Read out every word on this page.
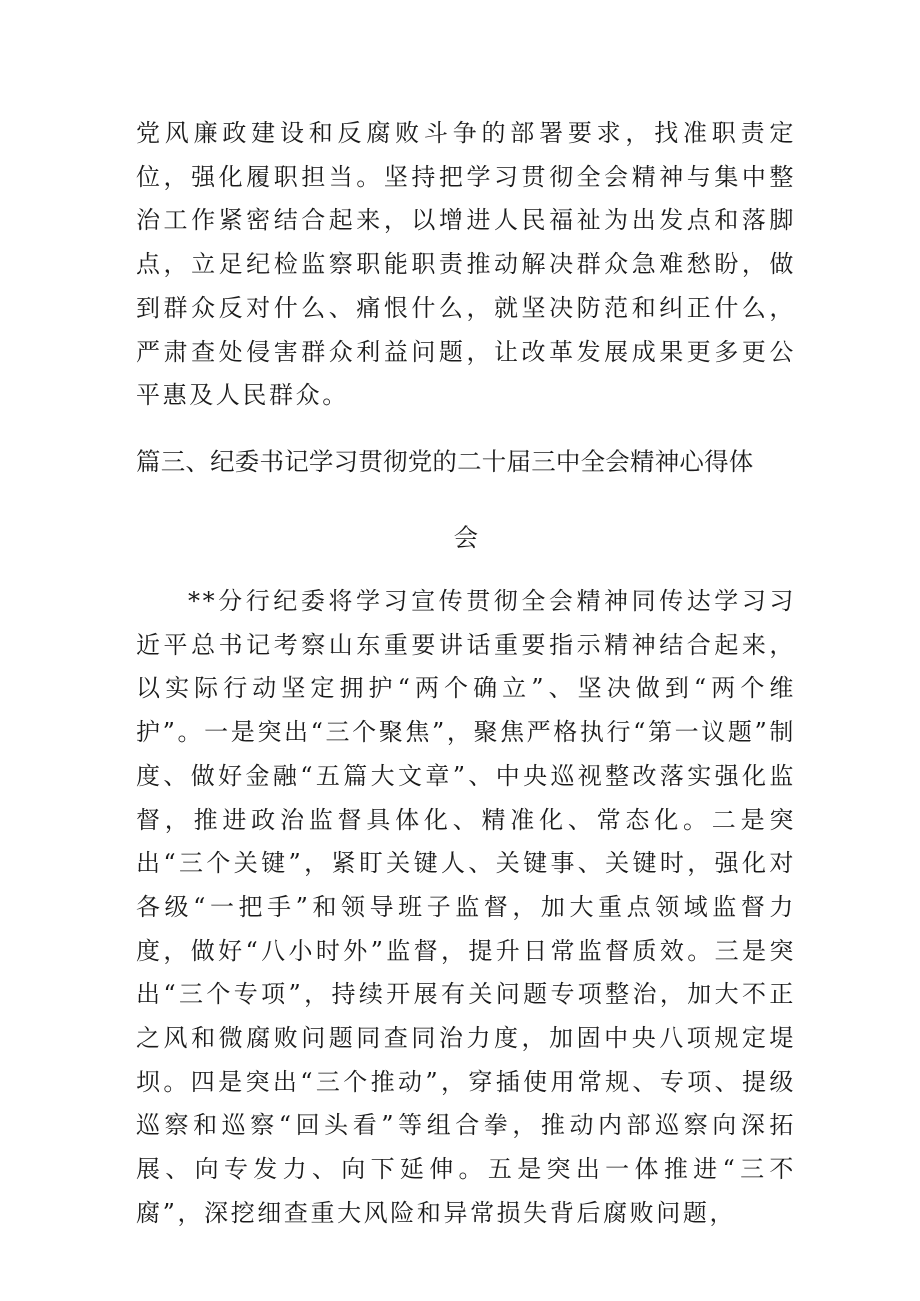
党风廉政建设和反腐败斗争的部署要求，找准职责定位，强化履职担当。坚持把学习贯彻全会精神与集中整治工作紧密结合起来，以增进人民福祉为出发点和落脚点，立足纪检监察职能职责推动解决群众急难愁盼，做到群众反对什么、痛恨什么，就坚决防范和纠正什么，严肃查处侵害群众利益问题，让改革发展成果更多更公平惠及人民群众。

篇三、纪委书记学习贯彻党的二十届三中全会精神心得体
会

**分行纪委将学习宣传贯彻全会精神同传达学习习近平总书记考察山东重要讲话重要指示精神结合起来，以实际行动坚定拥护“两个确立”、坚决做到“两个维护”。一是突出“三个聚焦”，聚焦严格执行“第一议题”制度、做好金融“五篇大文章”、中央巡视整改落实强化监督，推进政治监督具体化、精准化、常态化。二是突出“三个关键”，紧盯关键人、关键事、关键时，强化对各级“一把手”和领导班子监督，加大重点领域监督力度，做好“八小时外”监督，提升日常监督质效。三是突出“三个专项”，持续开展有关问题专项整治，加大不正之风和微腐败问题同查同治力度，加固中央八项规定堤坝。四是突出“三个推动”，穿插使用常规、专项、提级巡察和巡察“回头看”等组合拳，推动内部巡察向深拓展、向专发力、向下延伸。五是突出一体推进“三不腐”，深挖细查重大风险和异常损失背后腐败问题，
